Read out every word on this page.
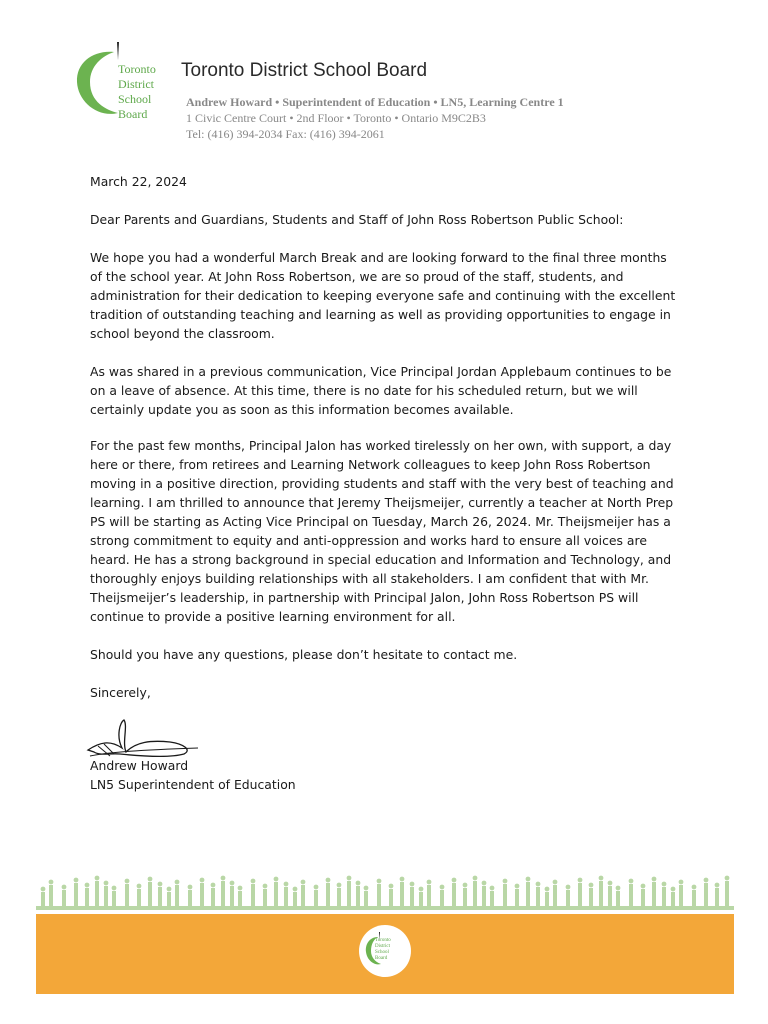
Toronto
District
School
Board
Toronto District School Board
Andrew Howard • Superintendent of Education • LN5, Learning Centre 1
1 Civic Centre Court • 2nd Floor • Toronto • Ontario M9C2B3
Tel: (416) 394-2034 Fax: (416) 394-2061
March 22, 2024
Dear Parents and Guardians, Students and Staff of John Ross Robertson Public School:
We hope you had a wonderful March Break and are looking forward to the final three months of the school year. At John Ross Robertson, we are so proud of the staff, students, and administration for their dedication to keeping everyone safe and continuing with the excellent tradition of outstanding teaching and learning as well as providing opportunities to engage in school beyond the classroom.
As was shared in a previous communication, Vice Principal Jordan Applebaum continues to be on a leave of absence. At this time, there is no date for his scheduled return, but we will certainly update you as soon as this information becomes available.
For the past few months, Principal Jalon has worked tirelessly on her own, with support, a day here or there, from retirees and Learning Network colleagues to keep John Ross Robertson moving in a positive direction, providing students and staff with the very best of teaching and learning. I am thrilled to announce that Jeremy Theijsmeijer, currently a teacher at North Prep PS will be starting as Acting Vice Principal on Tuesday, March 26, 2024. Mr. Theijsmeijer has a strong commitment to equity and anti-oppression and works hard to ensure all voices are heard. He has a strong background in special education and Information and Technology, and thoroughly enjoys building relationships with all stakeholders. I am confident that with Mr. Theijsmeijer’s leadership, in partnership with Principal Jalon, John Ross Robertson PS will continue to provide a positive learning environment for all.
Should you have any questions, please don’t hesitate to contact me.
Sincerely,
Andrew Howard
LN5 Superintendent of Education
Toronto
District
School
Board
